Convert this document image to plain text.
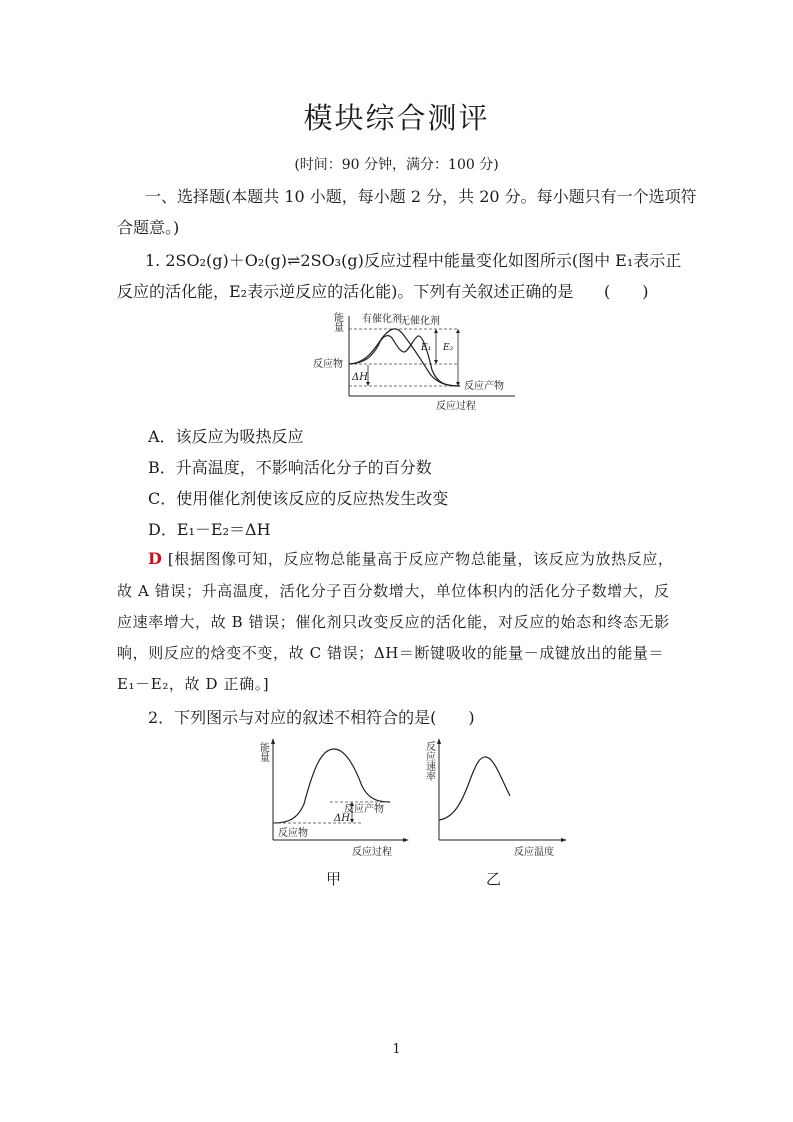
模块综合测评
(时间：90 分钟，满分：100 分)
一、选择题(本题共 10 小题，每小题 2 分，共 20 分。每小题只有一个选项符
合题意。)
1. 2SO₂(g)＋O₂(g)⇌2SO₃(g)反应过程中能量变化如图所示(图中 E₁表示正
反应的活化能，E₂表示逆反应的活化能)。下列有关叙述正确的是 (　　)
能
量
有催化剂
无催化剂
反应物
ΔH
E₁ E₂
反应产物
反应过程
A．该反应为吸热反应
B．升高温度，不影响活化分子的百分数
C．使用催化剂使该反应的反应热发生改变
D．E₁－E₂＝ΔH
D [根据图像可知，反应物总能量高于反应产物总能量，该反应为放热反应，
故 A 错误；升高温度，活化分子百分数增大，单位体积内的活化分子数增大，反
应速率增大，故 B 错误；催化剂只改变反应的活化能，对反应的始态和终态无影
响，则反应的焓变不变，故 C 错误；ΔH＝断键吸收的能量－成键放出的能量＝
E₁－E₂，故 D 正确。]
2．下列图示与对应的叙述不相符合的是(　　)
能
量
反应产物
ΔH
反应物
反应过程
甲
反
应
速
率
反应温度
乙
1
